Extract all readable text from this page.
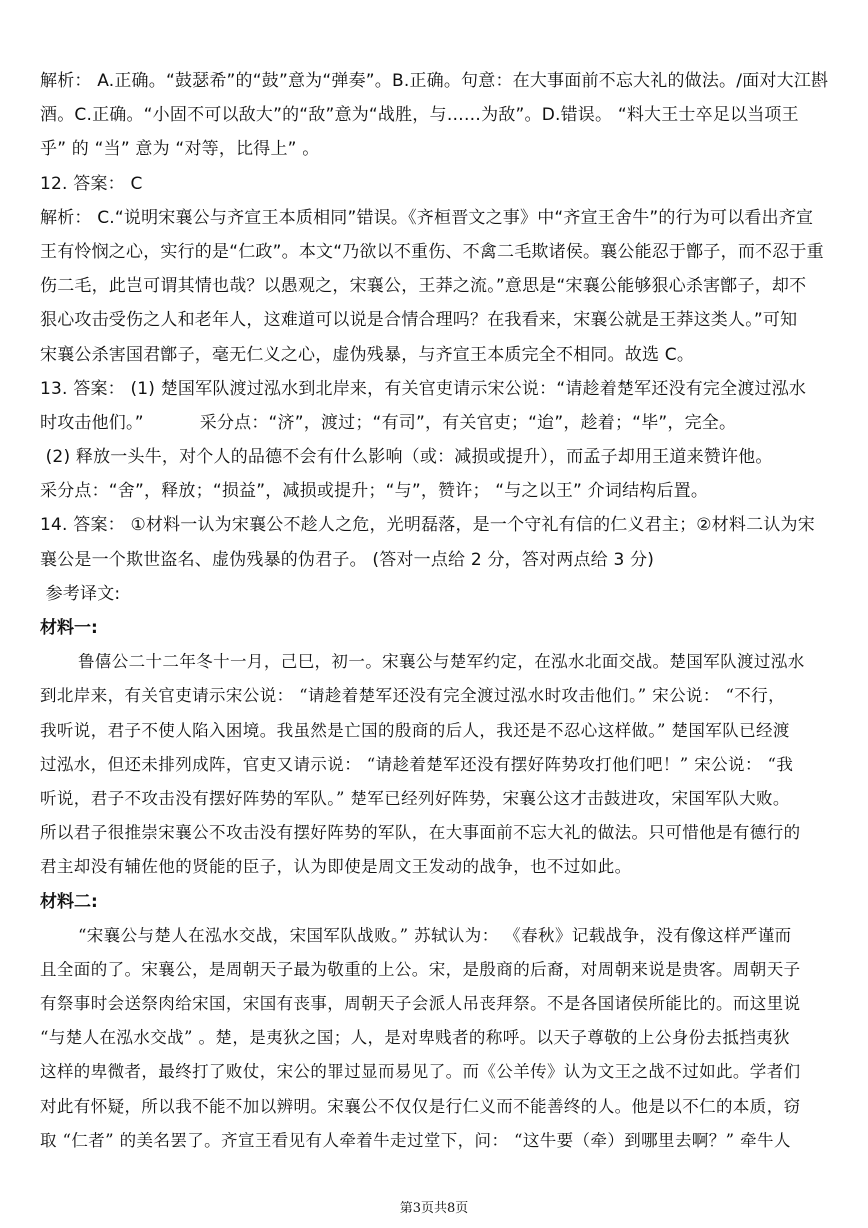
解析： A.正确。“鼓瑟希”的“鼓”意为“弹奏”。B.正确。句意：在大事面前不忘大礼的做法。/面对大江斟

酒。C.正确。“小固不可以敌大”的“敌”意为“战胜，与……为敌”。D.错误。 “料大王士卒足以当项王

乎” 的 “当” 意为 “对等，比得上” 。

12. 答案： C

解析： C.“说明宋襄公与齐宣王本质相同”错误。《齐桓晋文之事》中“齐宣王舍牛”的行为可以看出齐宣

王有怜悯之心，实行的是“仁政”。本文“乃欲以不重伤、不禽二毛欺诸侯。襄公能忍于鄫子，而不忍于重

伤二毛，此岂可谓其情也哉？以愚观之，宋襄公，王莽之流。”意思是“宋襄公能够狠心杀害鄫子，却不

狠心攻击受伤之人和老年人，这难道可以说是合情合理吗？在我看来，宋襄公就是王莽这类人。”可知

宋襄公杀害国君鄫子，毫无仁义之心，虚伪残暴，与齐宣王本质完全不相同。故选 C。

13. 答案： (1) 楚国军队渡过泓水到北岸来，有关官吏请示宋公说：“请趁着楚军还没有完全渡过泓水

时攻击他们。”          采分点：“济”，渡过；“有司”，有关官吏；“迨”，趁着；“毕”，完全。

(2) 释放一头牛，对个人的品德不会有什么影响（或：减损或提升），而孟子却用王道来赞许他。

采分点：“舍”，释放；“损益”，减损或提升；“与”，赞许； “与之以王” 介词结构后置。

14. 答案： ①材料一认为宋襄公不趁人之危，光明磊落，是一个守礼有信的仁义君主；②材料二认为宋

襄公是一个欺世盗名、虚伪残暴的伪君子。 (答对一点给 2 分，答对两点给 3 分)

参考译文:

材料一:

鲁僖公二十二年冬十一月，己巳，初一。宋襄公与楚军约定，在泓水北面交战。楚国军队渡过泓水

到北岸来，有关官吏请示宋公说： “请趁着楚军还没有完全渡过泓水时攻击他们。” 宋公说： “不行，

我听说，君子不使人陷入困境。我虽然是亡国的殷商的后人，我还是不忍心这样做。” 楚国军队已经渡

过泓水，但还未排列成阵，官吏又请示说： “请趁着楚军还没有摆好阵势攻打他们吧！” 宋公说： “我

听说，君子不攻击没有摆好阵势的军队。” 楚军已经列好阵势，宋襄公这才击鼓进攻，宋国军队大败。

所以君子很推崇宋襄公不攻击没有摆好阵势的军队，在大事面前不忘大礼的做法。只可惜他是有德行的

君主却没有辅佐他的贤能的臣子，认为即使是周文王发动的战争，也不过如此。

材料二:

“宋襄公与楚人在泓水交战，宋国军队战败。” 苏轼认为： 《春秋》记载战争，没有像这样严谨而

且全面的了。宋襄公，是周朝天子最为敬重的上公。宋，是殷商的后裔，对周朝来说是贵客。周朝天子

有祭事时会送祭肉给宋国，宋国有丧事，周朝天子会派人吊丧拜祭。不是各国诸侯所能比的。而这里说

“与楚人在泓水交战” 。楚，是夷狄之国；人，是对卑贱者的称呼。以天子尊敬的上公身份去抵挡夷狄

这样的卑微者，最终打了败仗，宋公的罪过显而易见了。而《公羊传》认为文王之战不过如此。学者们

对此有怀疑，所以我不能不加以辨明。宋襄公不仅仅是行仁义而不能善终的人。他是以不仁的本质，窃

取 “仁者” 的美名罢了。齐宣王看见有人牵着牛走过堂下，问： “这牛要（牵）到哪里去啊？” 牵牛人

第3页共8页
